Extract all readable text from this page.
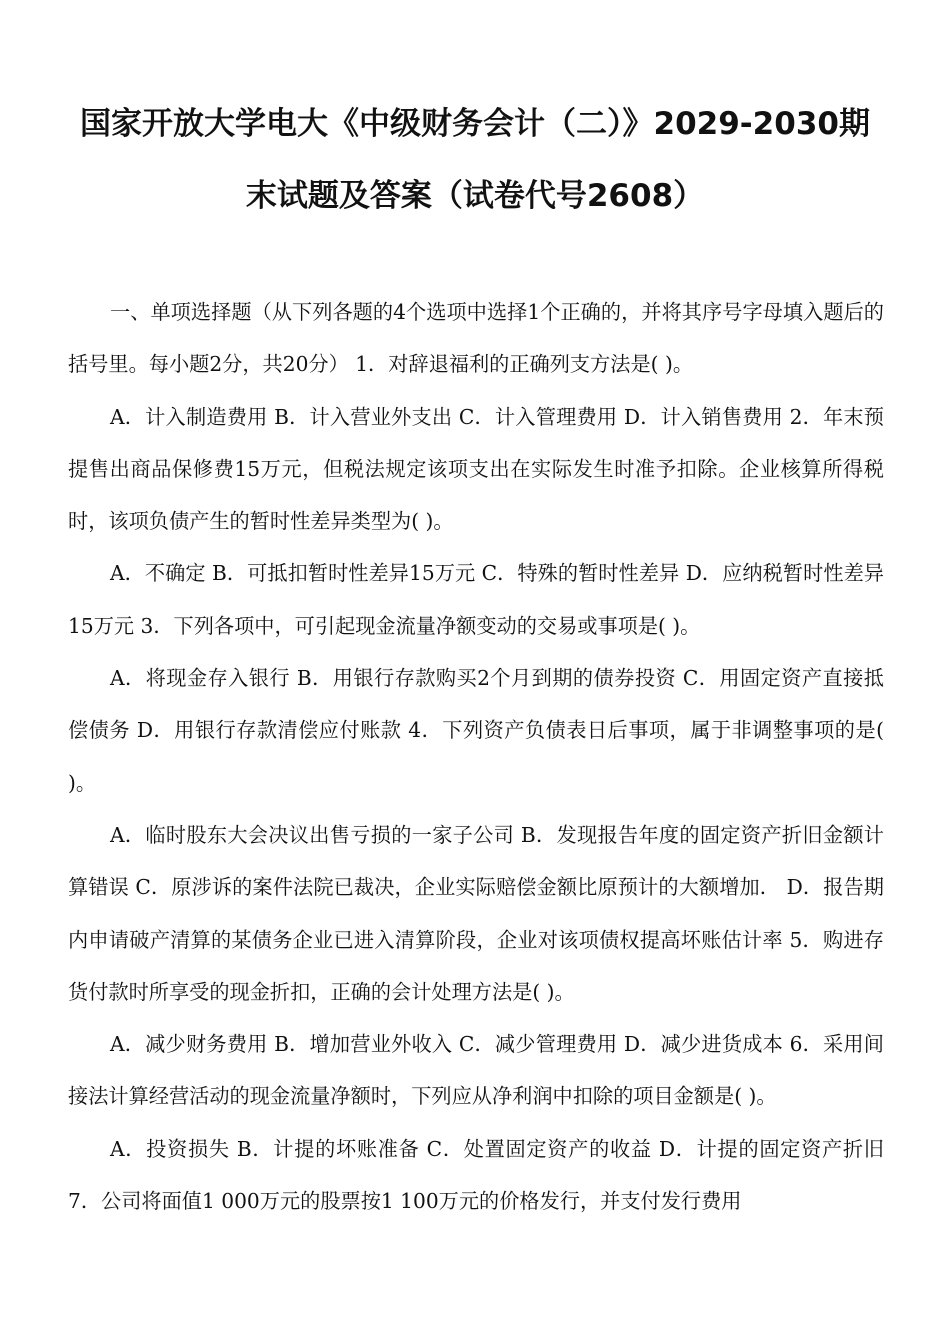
国家开放大学电大《中级财务会计（二）》2029-2030期
末试题及答案（试卷代号2608）

一、单项选择题（从下列各题的4个选项中选择1个正确的，并将其序号字母填入题后的括号里。每小题2分，共20分） 1．对辞退福利的正确列支方法是( )。

A．计入制造费用 B．计入营业外支出 C．计入管理费用 D．计入销售费用 2．年末预提售出商品保修费15万元，但税法规定该项支出在实际发生时准予扣除。企业核算所得税时，该项负债产生的暂时性差异类型为( )。

A．不确定 B．可抵扣暂时性差异15万元 C．特殊的暂时性差异 D．应纳税暂时性差异15万元 3．下列各项中，可引起现金流量净额变动的交易或事项是( )。

A．将现金存入银行 B．用银行存款购买2个月到期的债券投资 C．用固定资产直接抵偿债务 D．用银行存款清偿应付账款 4．下列资产负债表日后事项，属于非调整事项的是( )。

A．临时股东大会决议出售亏损的一家子公司 B．发现报告年度的固定资产折旧金额计算错误 C．原涉诉的案件法院已裁决，企业实际赔偿金额比原预计的大额增加． D．报告期内申请破产清算的某债务企业已进入清算阶段，企业对该项债权提高坏账估计率 5．购进存货付款时所享受的现金折扣，正确的会计处理方法是( )。

A．减少财务费用 B．增加营业外收入 C．减少管理费用 D．减少进货成本 6．采用间接法计算经营活动的现金流量净额时，下列应从净利润中扣除的项目金额是( )。

A．投资损失 B．计提的坏账准备 C．处置固定资产的收益 D．计提的固定资产折旧 7．公司将面值1 000万元的股票按1 100万元的价格发行，并支付发行费用
